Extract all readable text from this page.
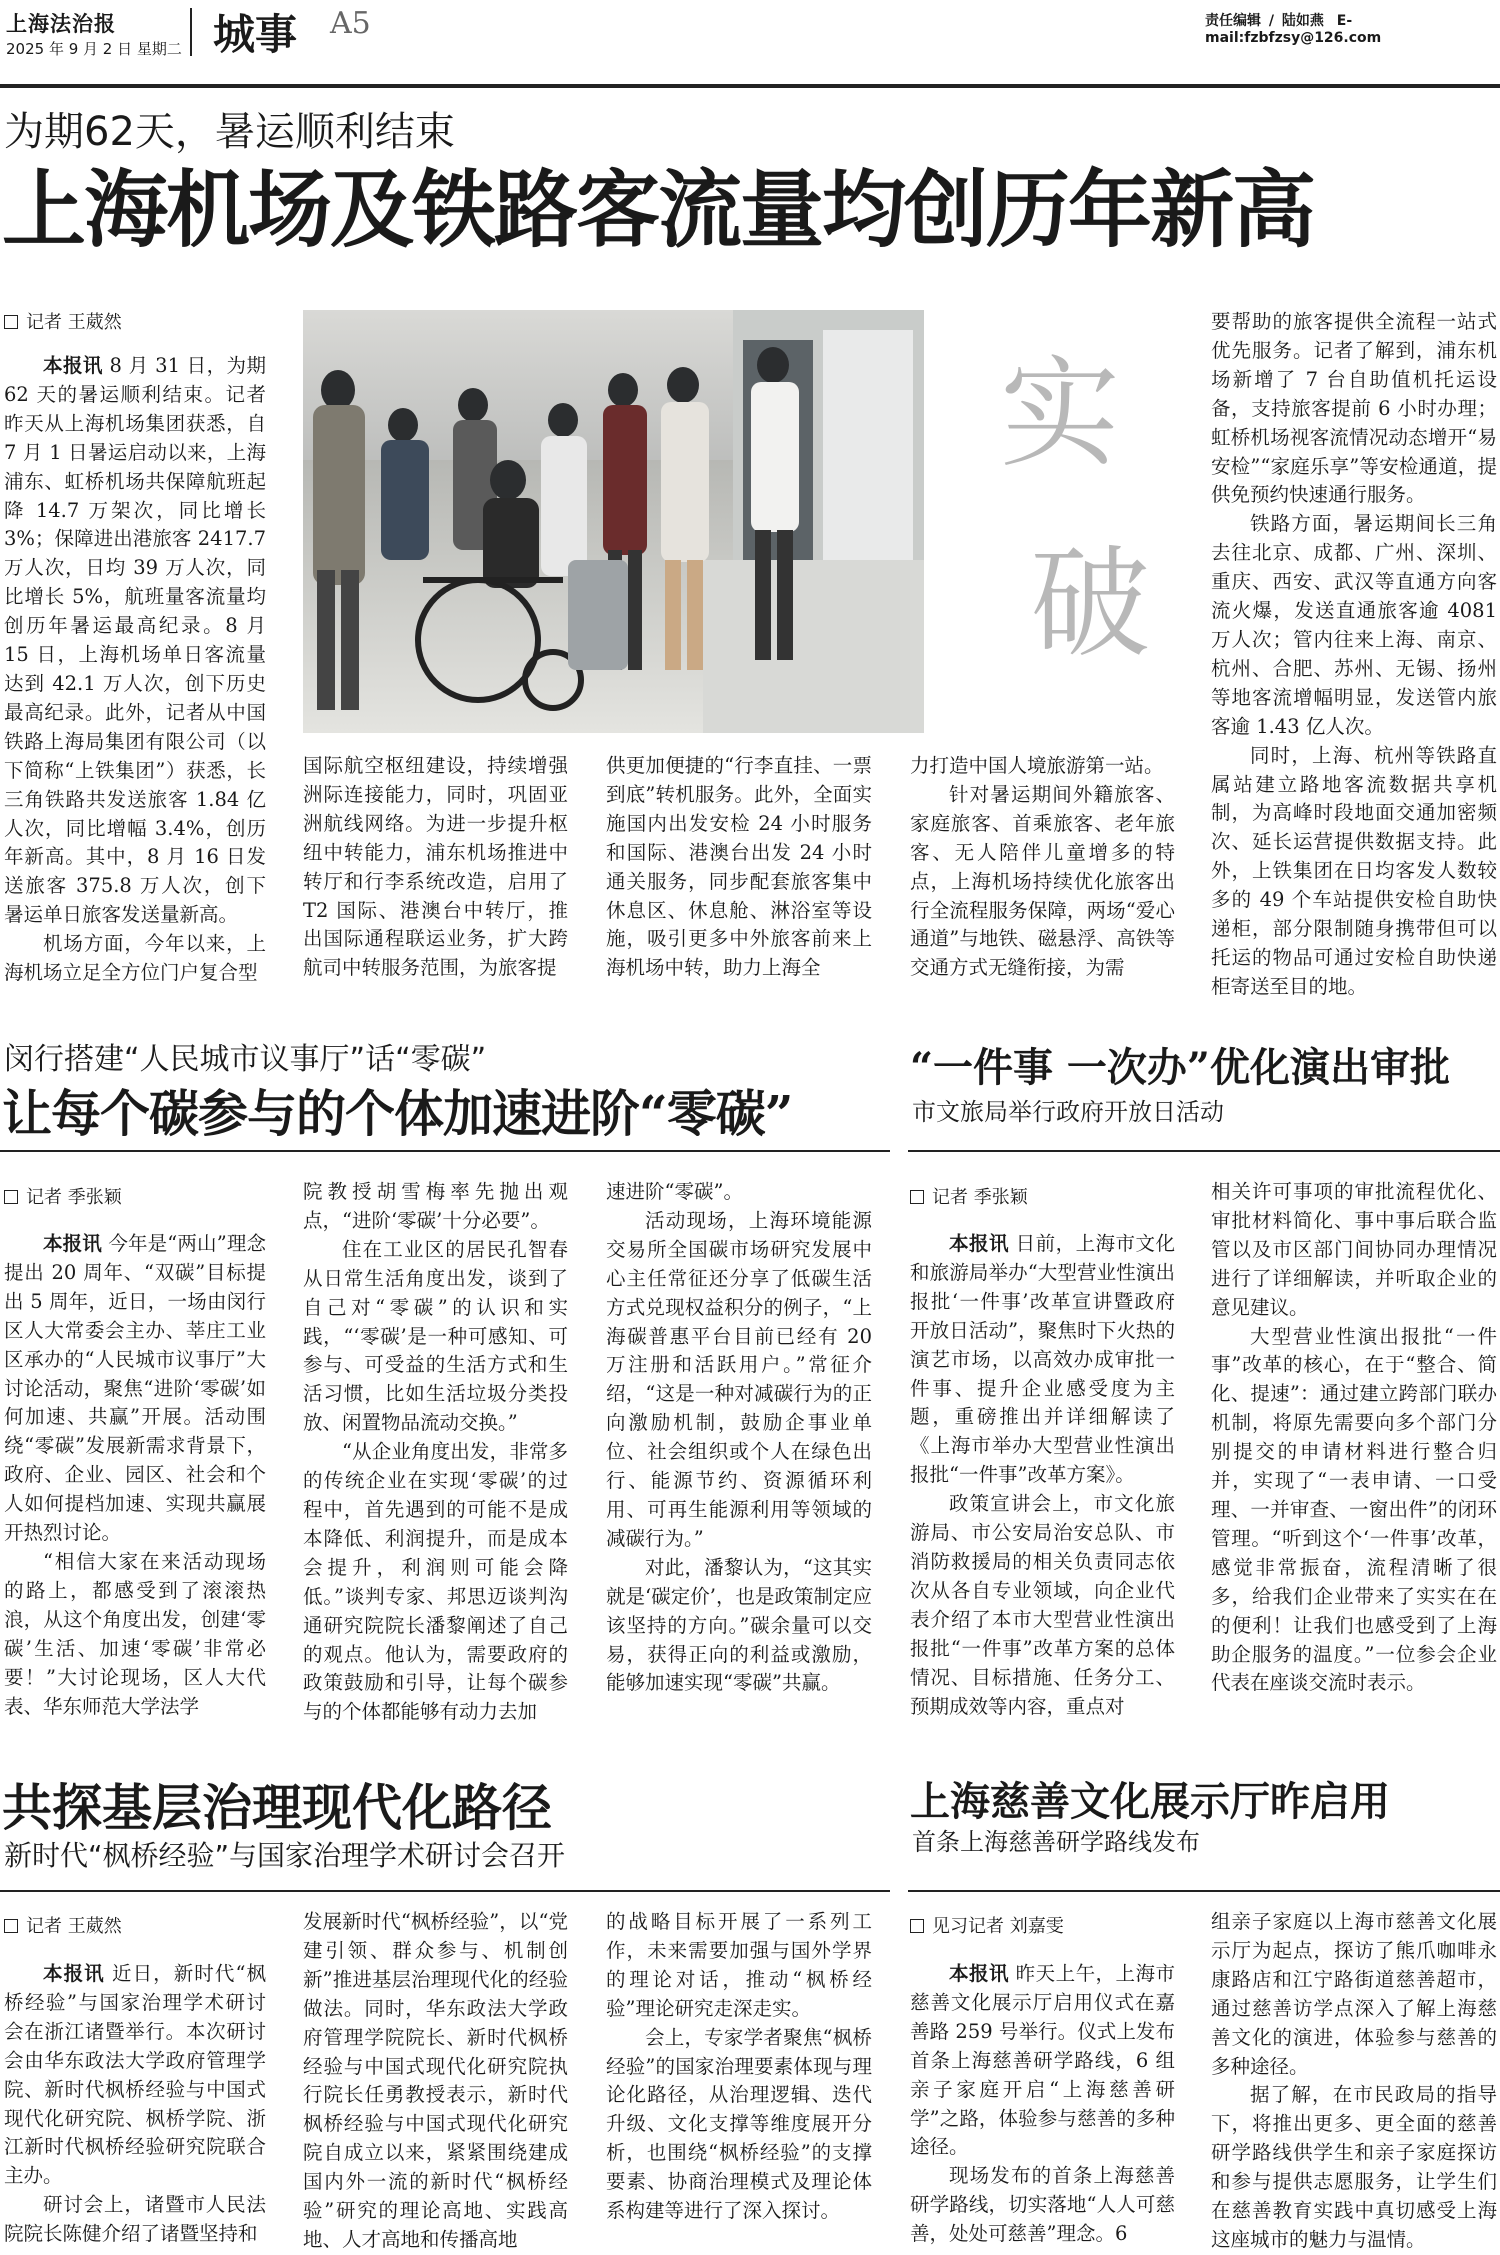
上海法治报
2025 年 9 月 2 日 星期二 城事 A5	责任编辑 / 陆如燕 E-mail:fzbfzsy@126.com
为期62天，暑运顺利结束
上海机场及铁路客流量均创历年新高
记者 王葳然

本报讯 8 月 31 日，为期 62 天的暑运顺利结束。记者昨天从上海机场集团获悉，自 7 月 1 日暑运启动以来，上海浦东、虹桥机场共保障航班起降 14.7 万架次，同比增长 3%；保障进出港旅客 2417.7 万人次，日均 39 万人次，同比增长 5%，航班量客流量均创历年暑运最高纪录。8 月 15 日，上海机场单日客流量达到 42.1 万人次，创下历史最高纪录。此外，记者从中国铁路上海局集团有限公司（以下简称“上铁集团”）获悉，长三角铁路共发送旅客 1.84 亿人次，同比增幅 3.4%，创历年新高。其中，8 月 16 日发送旅客 375.8 万人次，创下暑运单日旅客发送量新高。

机场方面，今年以来，上海机场立足全方位门户复合型

实
破

国际航空枢纽建设，持续增强洲际连接能力，同时，巩固亚洲航线网络。为进一步提升枢纽中转能力，浦东机场推进中转厅和行李系统改造，启用了 T2 国际、港澳台中转厅，推出国际通程联运业务，扩大跨航司中转服务范围，为旅客提

供更加便捷的“行李直挂、一票到底”转机服务。此外，全面实施国内出发安检 24 小时服务和国际、港澳台出发 24 小时通关服务，同步配套旅客集中休息区、休息舱、淋浴室等设施，吸引更多中外旅客前来上海机场中转，助力上海全

力打造中国人境旅游第一站。

针对暑运期间外籍旅客、家庭旅客、首乘旅客、老年旅客、无人陪伴儿童增多的特点，上海机场持续优化旅客出行全流程服务保障，两场“爱心通道”与地铁、磁悬浮、高铁等交通方式无缝衔接，为需

要帮助的旅客提供全流程一站式优先服务。记者了解到，浦东机场新增了 7 台自助值机托运设备，支持旅客提前 6 小时办理；虹桥机场视客流情况动态增开“易安检”“家庭乐享”等安检通道，提供免预约快速通行服务。

铁路方面，暑运期间长三角去往北京、成都、广州、深圳、重庆、西安、武汉等直通方向客流火爆，发送直通旅客逾 4081 万人次；管内往来上海、南京、杭州、合肥、苏州、无锡、扬州等地客流增幅明显，发送管内旅客逾 1.43 亿人次。

同时，上海、杭州等铁路直属站建立路地客流数据共享机制，为高峰时段地面交通加密频次、延长运营提供数据支持。此外，上铁集团在日均客发人数较多的 49 个车站提供安检自助快递柜，部分限制随身携带但可以托运的物品可通过安检自助快递柜寄送至目的地。

闵行搭建“人民城市议事厅”话“零碳”
让每个碳参与的个体加速进阶“零碳”
记者 季张颖

本报讯 今年是“两山”理念提出 20 周年、“双碳”目标提出 5 周年，近日，一场由闵行区人大常委会主办、莘庄工业区承办的“人民城市议事厅”大讨论活动，聚焦“进阶‘零碳’如何加速、共赢”开展。活动围绕“零碳”发展新需求背景下，政府、企业、园区、社会和个人如何提档加速、实现共赢展开热烈讨论。

“相信大家在来活动现场的路上，都感受到了滚滚热浪，从这个角度出发，创建‘零碳’生活、加速‘零碳’非常必要！”大讨论现场，区人大代表、华东师范大学法学

院教授胡雪梅率先抛出观点，“进阶‘零碳’十分必要”。

住在工业区的居民孔智春从日常生活角度出发，谈到了自己对“零碳”的认识和实践，“‘零碳’是一种可感知、可参与、可受益的生活方式和生活习惯，比如生活垃圾分类投放、闲置物品流动交换。”

“从企业角度出发，非常多的传统企业在实现‘零碳’的过程中，首先遇到的可能不是成本降低、利润提升，而是成本会提升，利润则可能会降低。”谈判专家、邦思迈谈判沟通研究院院长潘黎阐述了自己的观点。他认为，需要政府的政策鼓励和引导，让每个碳参与的个体都能够有动力去加

速进阶“零碳”。

活动现场，上海环境能源交易所全国碳市场研究发展中心主任常征还分享了低碳生活方式兑现权益积分的例子，“上海碳普惠平台目前已经有 20 万注册和活跃用户。”常征介绍，“这是一种对减碳行为的正向激励机制，鼓励企事业单位、社会组织或个人在绿色出行、能源节约、资源循环利用、可再生能源利用等领域的减碳行为。”

对此，潘黎认为，“这其实就是‘碳定价’，也是政策制定应该坚持的方向。”碳余量可以交易，获得正向的利益或激励，能够加速实现“零碳”共赢。

“一件事 一次办”优化演出审批
市文旅局举行政府开放日活动
记者 季张颖

本报讯 日前，上海市文化和旅游局举办“大型营业性演出报批‘一件事’改革宣讲暨政府开放日活动”，聚焦时下火热的演艺市场，以高效办成审批一件事、提升企业感受度为主题，重磅推出并详细解读了《上海市举办大型营业性演出报批“一件事”改革方案》。

政策宣讲会上，市文化旅游局、市公安局治安总队、市消防救援局的相关负责同志依次从各自专业领域，向企业代表介绍了本市大型营业性演出报批“一件事”改革方案的总体情况、目标措施、任务分工、预期成效等内容，重点对

相关许可事项的审批流程优化、审批材料简化、事中事后联合监管以及市区部门间协同办理情况进行了详细解读，并听取企业的意见建议。

大型营业性演出报批“一件事”改革的核心，在于“整合、简化、提速”：通过建立跨部门联办机制，将原先需要向多个部门分别提交的申请材料进行整合归并，实现了“一表申请、一口受理、一并审查、一窗出件”的闭环管理。“听到这个‘一件事’改革，感觉非常振奋，流程清晰了很多，给我们企业带来了实实在在的便利！让我们也感受到了上海助企服务的温度。”一位参会企业代表在座谈交流时表示。

共探基层治理现代化路径
新时代“枫桥经验”与国家治理学术研讨会召开
记者 王葳然

本报讯 近日，新时代“枫桥经验”与国家治理学术研讨会在浙江诸暨举行。本次研讨会由华东政法大学政府管理学院、新时代枫桥经验与中国式现代化研究院、枫桥学院、浙江新时代枫桥经验研究院联合主办。

研讨会上，诸暨市人民法院院长陈健介绍了诸暨坚持和

发展新时代“枫桥经验”，以“党建引领、群众参与、机制创新”推进基层治理现代化的经验做法。同时，华东政法大学政府管理学院院长、新时代枫桥经验与中国式现代化研究院执行院长任勇教授表示，新时代枫桥经验与中国式现代化研究院自成立以来，紧紧围绕建成国内外一流的新时代“枫桥经验”研究的理论高地、实践高地、人才高地和传播高地

的战略目标开展了一系列工作，未来需要加强与国外学界的理论对话，推动“枫桥经验”理论研究走深走实。

会上，专家学者聚焦“枫桥经验”的国家治理要素体现与理论化路径，从治理逻辑、迭代升级、文化支撑等维度展开分析，也围绕“枫桥经验”的支撑要素、协商治理模式及理论体系构建等进行了深入探讨。

上海慈善文化展示厅昨启用
首条上海慈善研学路线发布
见习记者 刘嘉雯

本报讯 昨天上午，上海市慈善文化展示厅启用仪式在嘉善路 259 号举行。仪式上发布首条上海慈善研学路线，6 组亲子家庭开启“上海慈善研学”之路，体验参与慈善的多种途径。

现场发布的首条上海慈善研学路线，切实落地“人人可慈善，处处可慈善”理念。6

组亲子家庭以上海市慈善文化展示厅为起点，探访了熊爪咖啡永康路店和江宁路街道慈善超市，通过慈善访学点深入了解上海慈善文化的演进，体验参与慈善的多种途径。

据了解，在市民政局的指导下，将推出更多、更全面的慈善研学路线供学生和亲子家庭探访和参与提供志愿服务，让学生们在慈善教育实践中真切感受上海这座城市的魅力与温情。
